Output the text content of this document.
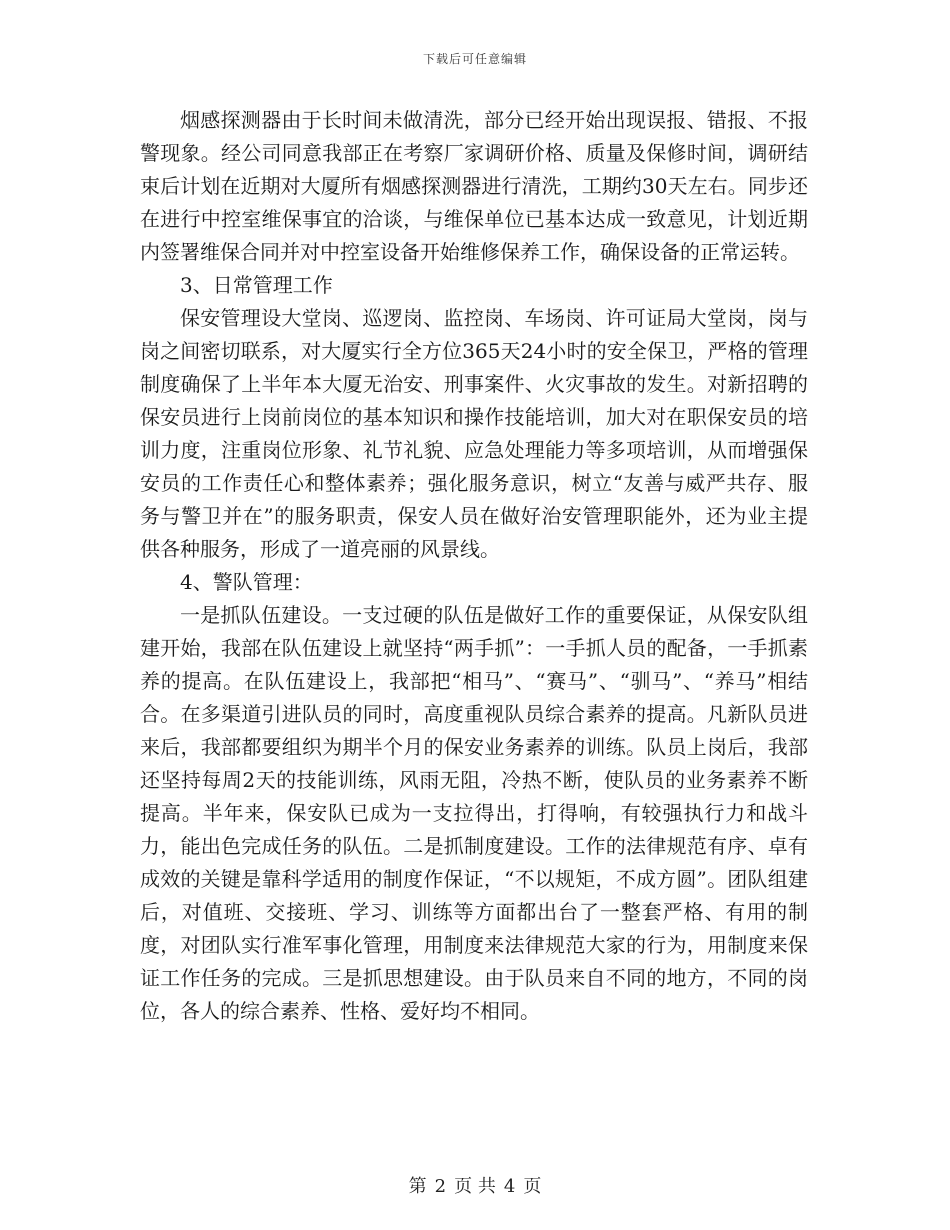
下载后可任意编辑

烟感探测器由于长时间未做清洗，部分已经开始出现误报、错报、不报警现象。经公司同意我部正在考察厂家调研价格、质量及保修时间，调研结束后计划在近期对大厦所有烟感探测器进行清洗，工期约30天左右。同步还在进行中控室维保事宜的洽谈，与维保单位已基本达成一致意见，计划近期内签署维保合同并对中控室设备开始维修保养工作，确保设备的正常运转。

3、日常管理工作

保安管理设大堂岗、巡逻岗、监控岗、车场岗、许可证局大堂岗，岗与岗之间密切联系，对大厦实行全方位365天24小时的安全保卫，严格的管理制度确保了上半年本大厦无治安、刑事案件、火灾事故的发生。对新招聘的保安员进行上岗前岗位的基本知识和操作技能培训，加大对在职保安员的培训力度，注重岗位形象、礼节礼貌、应急处理能力等多项培训，从而增强保安员的工作责任心和整体素养；强化服务意识，树立“友善与威严共存、服务与警卫并在”的服务职责，保安人员在做好治安管理职能外，还为业主提供各种服务，形成了一道亮丽的风景线。

4、警队管理：

一是抓队伍建设。一支过硬的队伍是做好工作的重要保证，从保安队组建开始，我部在队伍建设上就坚持“两手抓”：一手抓人员的配备，一手抓素养的提高。在队伍建设上，我部把“相马”、“赛马”、“驯马”、“养马”相结合。在多渠道引进队员的同时，高度重视队员综合素养的提高。凡新队员进来后，我部都要组织为期半个月的保安业务素养的训练。队员上岗后，我部还坚持每周2天的技能训练，风雨无阻，冷热不断，使队员的业务素养不断提高。半年来，保安队已成为一支拉得出，打得响，有较强执行力和战斗力，能出色完成任务的队伍。二是抓制度建设。工作的法律规范有序、卓有成效的关键是靠科学适用的制度作保证，“不以规矩，不成方圆”。团队组建后，对值班、交接班、学习、训练等方面都出台了一整套严格、有用的制度，对团队实行准军事化管理，用制度来法律规范大家的行为，用制度来保证工作任务的完成。三是抓思想建设。由于队员来自不同的地方，不同的岗位，各人的综合素养、性格、爱好均不相同。

第 2 页 共 4 页
